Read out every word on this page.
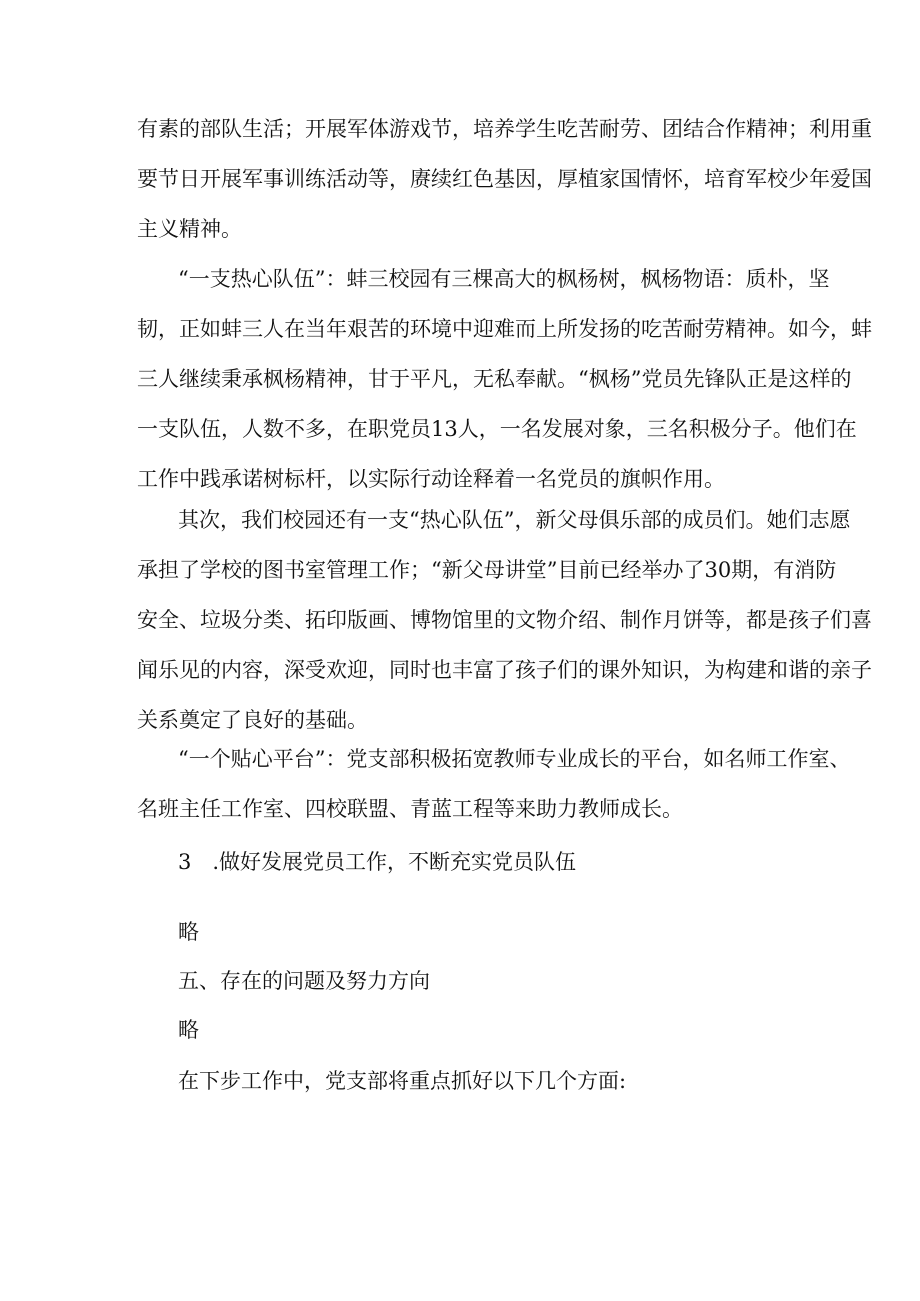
有素的部队生活；开展军体游戏节，培养学生吃苦耐劳、团结合作精神；利用重
要节日开展军事训练活动等，赓续红色基因，厚植家国情怀，培育军校少年爱国
主义精神。
“一支热心队伍”：蚌三校园有三棵高大的枫杨树，枫杨物语：质朴，坚
韧，正如蚌三人在当年艰苦的环境中迎难而上所发扬的吃苦耐劳精神。如今，蚌
三人继续秉承枫杨精神，甘于平凡，无私奉献。“枫杨”党员先锋队正是这样的
一支队伍，人数不多，在职党员13人，一名发展对象，三名积极分子。他们在
工作中践承诺树标杆，以实际行动诠释着一名党员的旗帜作用。
其次，我们校园还有一支“热心队伍”，新父母俱乐部的成员们。她们志愿
承担了学校的图书室管理工作；“新父母讲堂”目前已经举办了30期，有消防
安全、垃圾分类、拓印版画、博物馆里的文物介绍、制作月饼等，都是孩子们喜
闻乐见的内容，深受欢迎，同时也丰富了孩子们的课外知识，为构建和谐的亲子
关系奠定了良好的基础。
“一个贴心平台”：党支部积极拓宽教师专业成长的平台，如名师工作室、
名班主任工作室、四校联盟、青蓝工程等来助力教师成长。

3　.做好发展党员工作，不断充实党员队伍

略

五、存在的问题及努力方向

略

在下步工作中，党支部将重点抓好以下几个方面:
